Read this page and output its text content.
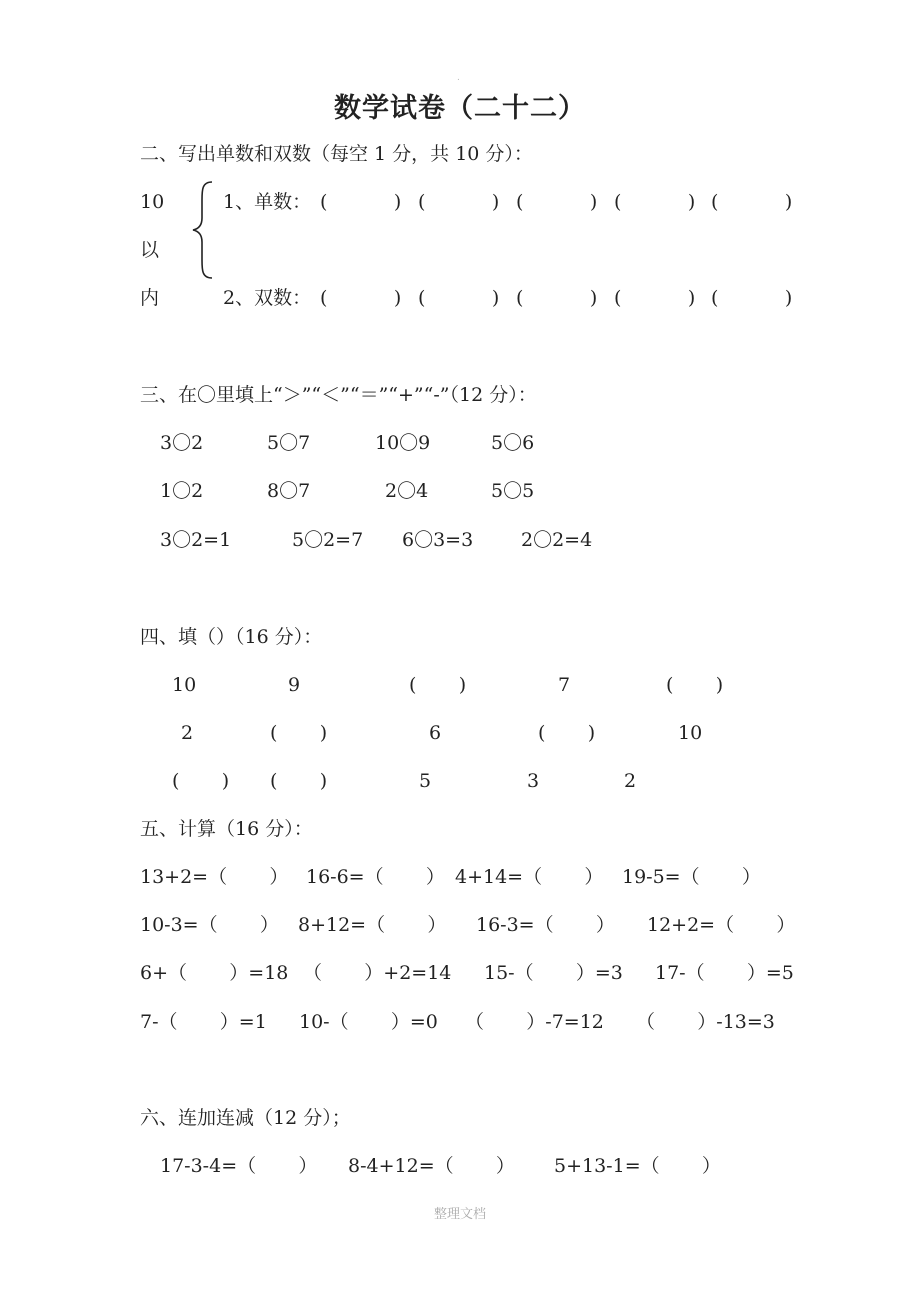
.
数学试卷（二十二）
二、写出单数和双数（每空 1 分，共 10 分）：
10
以
内
1、单数： (           ) (           ) (           ) (           ) (           )
2、双数： (           ) (           ) (           ) (           ) (           )
三、在〇里填上“＞”“＜”“＝”“+”“-”（12 分）：
3〇2	5〇7	10〇9	5〇6
1〇2	8〇7	2〇4	5〇5
3〇2=1	5〇2=7 6〇3=3	2〇2=4
四、填（）（16 分）：
10	9	(       )	7	(       )
2	(       )	6	(       )	10
(       ) (       )	5	3	2
五、计算（16 分）：
13+2=（       ） 16-6=（       ） 4+14=（       ） 19-5=（       ）
10-3=（       ） 8+12=（       ） 16-3=（       ） 12+2=（       ）
6+（       ）=18 （       ）+2=14 15-（       ）=3 17-（       ）=5
7-（       ）=1 10-（       ）=0 （       ）-7=12 （       ）-13=3
六、连加连减（12 分）；
17-3-4=（       ） 8-4+12=（       ） 5+13-1=（       ）
整理文档
